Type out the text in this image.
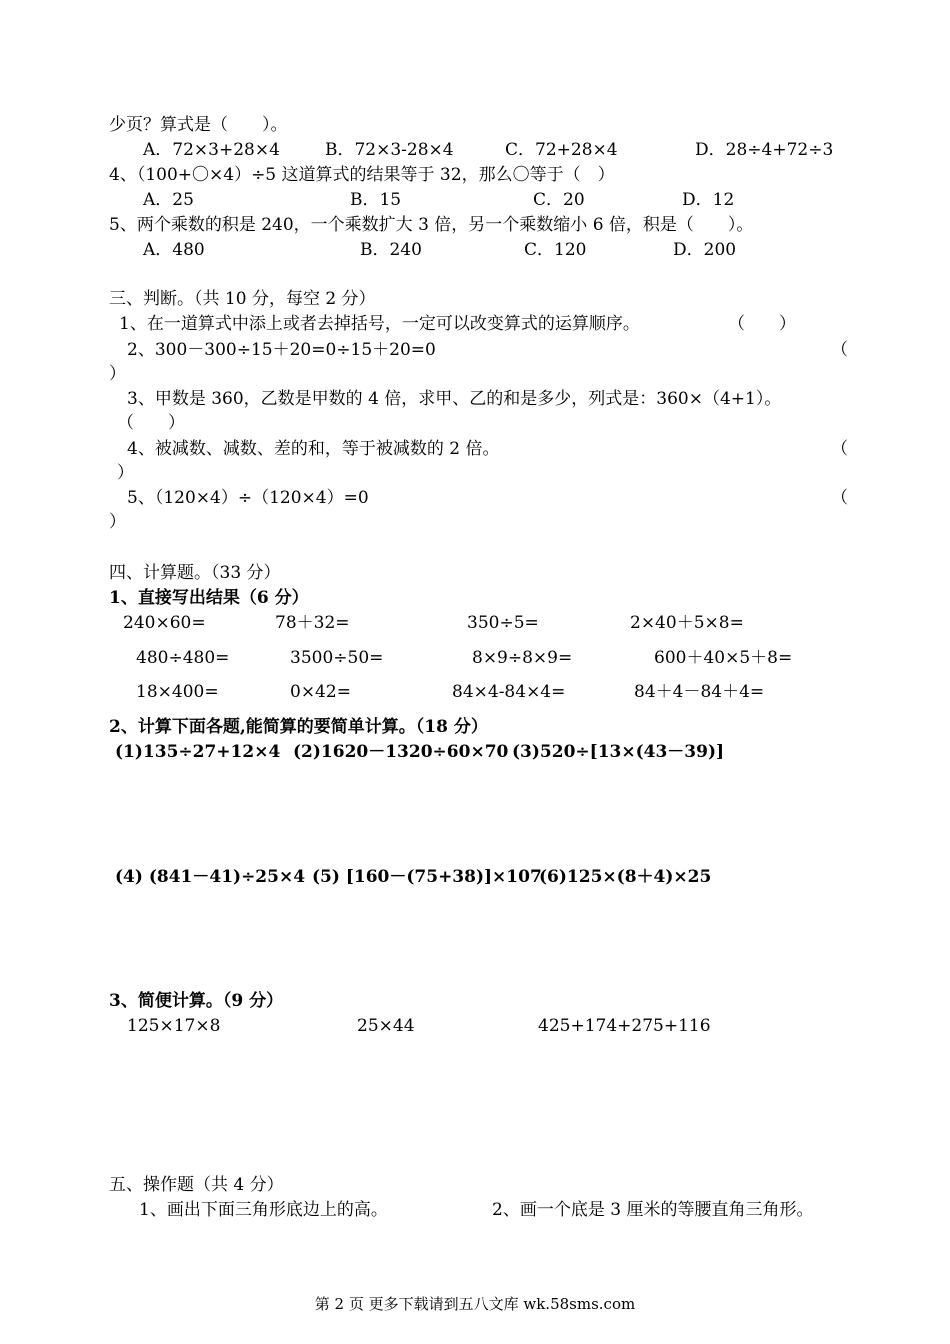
少页？算式是（　　）。
A．72×3+28×4	B．72×3-28×4	C．72+28×4	D．28÷4+72÷3
4、（100+〇×4）÷5 这道算式的结果等于 32，那么〇等于（　）
A．25	B．15	C．20	D．12
5、两个乘数的积是 240，一个乘数扩大 3 倍，另一个乘数缩小 6 倍，积是（　　）。
A．480	B．240	C．120	D．200
三、判断。（共 10 分，每空 2 分）
1、在一道算式中添上或者去掉括号，一定可以改变算式的运算顺序。	（　　）
2、300－300÷15＋20=0÷15＋20=0	（
）
3、甲数是 360，乙数是甲数的 4 倍，求甲、乙的和是多少，列式是：360×（4+1）。
（　　）
4、被减数、减数、差的和，等于被减数的 2 倍。	（
）
5、（120×4）÷（120×4）=0	（
）
四、计算题。（33 分）
1、直接写出结果（6 分）
240×60=	78＋32=	350÷5=	2×40＋5×8=
480÷480=	3500÷50=	8×9÷8×9=	600＋40×5＋8=
18×400=	0×42=	84×4-84×4=	84＋4－84＋4=
2、计算下面各题,能简算的要简单计算。（18 分）
(1)135÷27+12×4 (2)1620－1320÷60×70 (3)520÷[13×(43－39)]
(4) (841－41)÷25×4 (5) [160－(75+38)]×107
(6)125×(8＋4)×25
3、简便计算。（9 分）
125×17×8	25×44	425+174+275+116
五、操作题（共 4 分）
1、画出下面三角形底边上的高。	2、画一个底是 3 厘米的等腰直角三角形。
第 2 页 更多下载请到五八文库 wk.58sms.com
